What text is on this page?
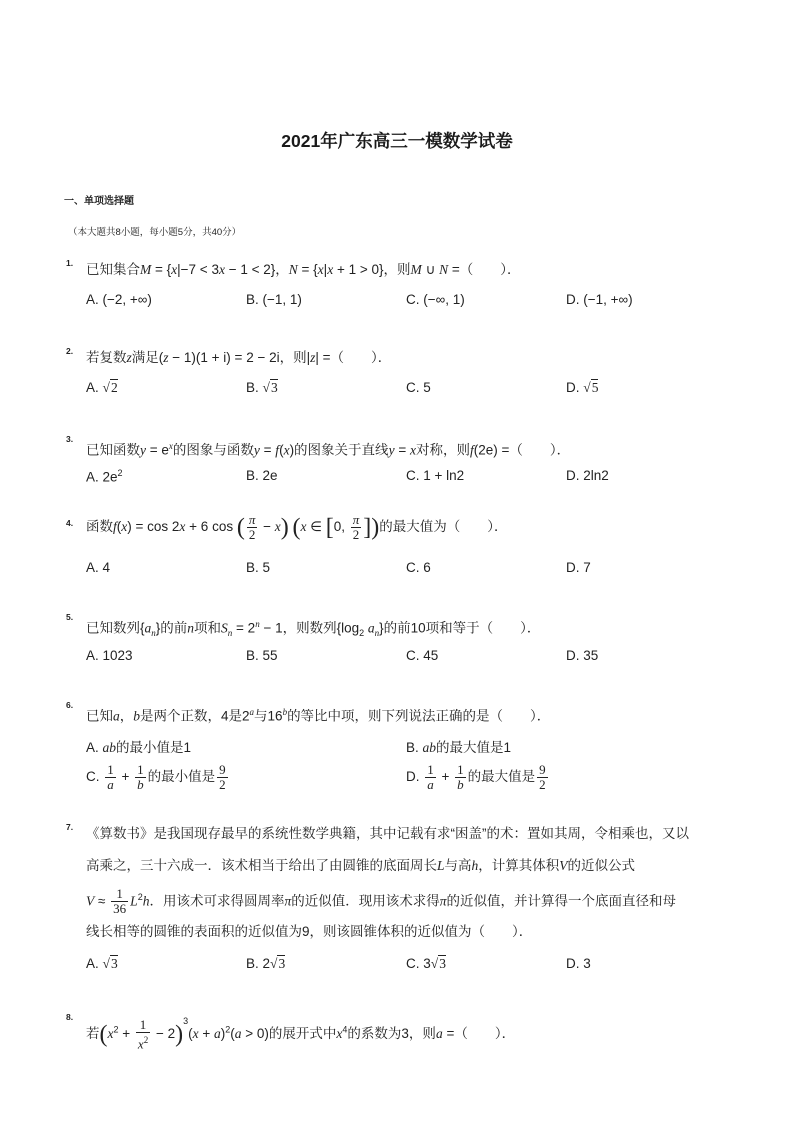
2021年广东高三一模数学试卷
一、单项选择题
（本大题共8小题，每小题5分，共40分）
1. 已知集合M = {x|−7 < 3x − 1 < 2}，N = {x|x + 1 > 0}，则M ∪ N =（　　）．
A. (−2, +∞)	B. (−1, 1)	C. (−∞, 1)	D. (−1, +∞)
2. 若复数z满足(z − 1)(1 + i) = 2 − 2i，则|z| =（　　）．
A. √2	B. √3	C. 5	D. √5
3.
已知函数$y = e^x$的图象与函数y = f(x)的图象关于直线y = x对称，则f(2e) =（　　）．
A. $2e^2$	B. 2e	C. 1 + ln2	D. 2ln2
4. 函数f(x) = cos 2x + 6 cos ( $\frac{\pi}{2} - x$) (x ∈ [0, $\frac{\pi}{2}$ ])的最大值为（　　）．
A. 4	B. 5	C. 6	D. 7
5.
已知数列$\{a_n\}$的前n项和$S_n = 2^n - 1$，则数列{$\log_2$ $a_n$}的前10项和等于（　　）．
A. 1023	B. 55	C. 45	D. 35
6.
已知a，b是两个正数，4是2$^a$与16$^b$的等比中项，则下列说法正确的是（　　）．
A. ab的最小值是1	B. ab的最大值是1
C. $\frac{1}{a} + \frac{1}{b}$ 的最小值是 $\frac{9}{2}$	D. $\frac{1}{a} + \frac{1}{b}$ 的最大值是 $\frac{9}{2}$
7. 《算数书》是我国现存最早的系统性数学典籍，其中记载有求“困盖”的术：置如其周，令相乘也，又以
高乘之，三十六成一．该术相当于给出了由圆锥的底面周长L与高h，计算其体积V的近似公式
$V \approx \frac{1}{36} L^2h$．用该术可求得圆周率π的近似值．现用该术求得π的近似值，并计算得一个底面直径和母
线长相等的圆锥的表面积的近似值为9，则该圆锥体积的近似值为（　　）．
A. √3	B. 2√3	C. 3√3	D. 3
8.
若$(x^2 + \frac{1}{x^2} - 2)^3(x + a)^2(a > 0)$的展开式中$x^4$的系数为3，则a =（　　）．
